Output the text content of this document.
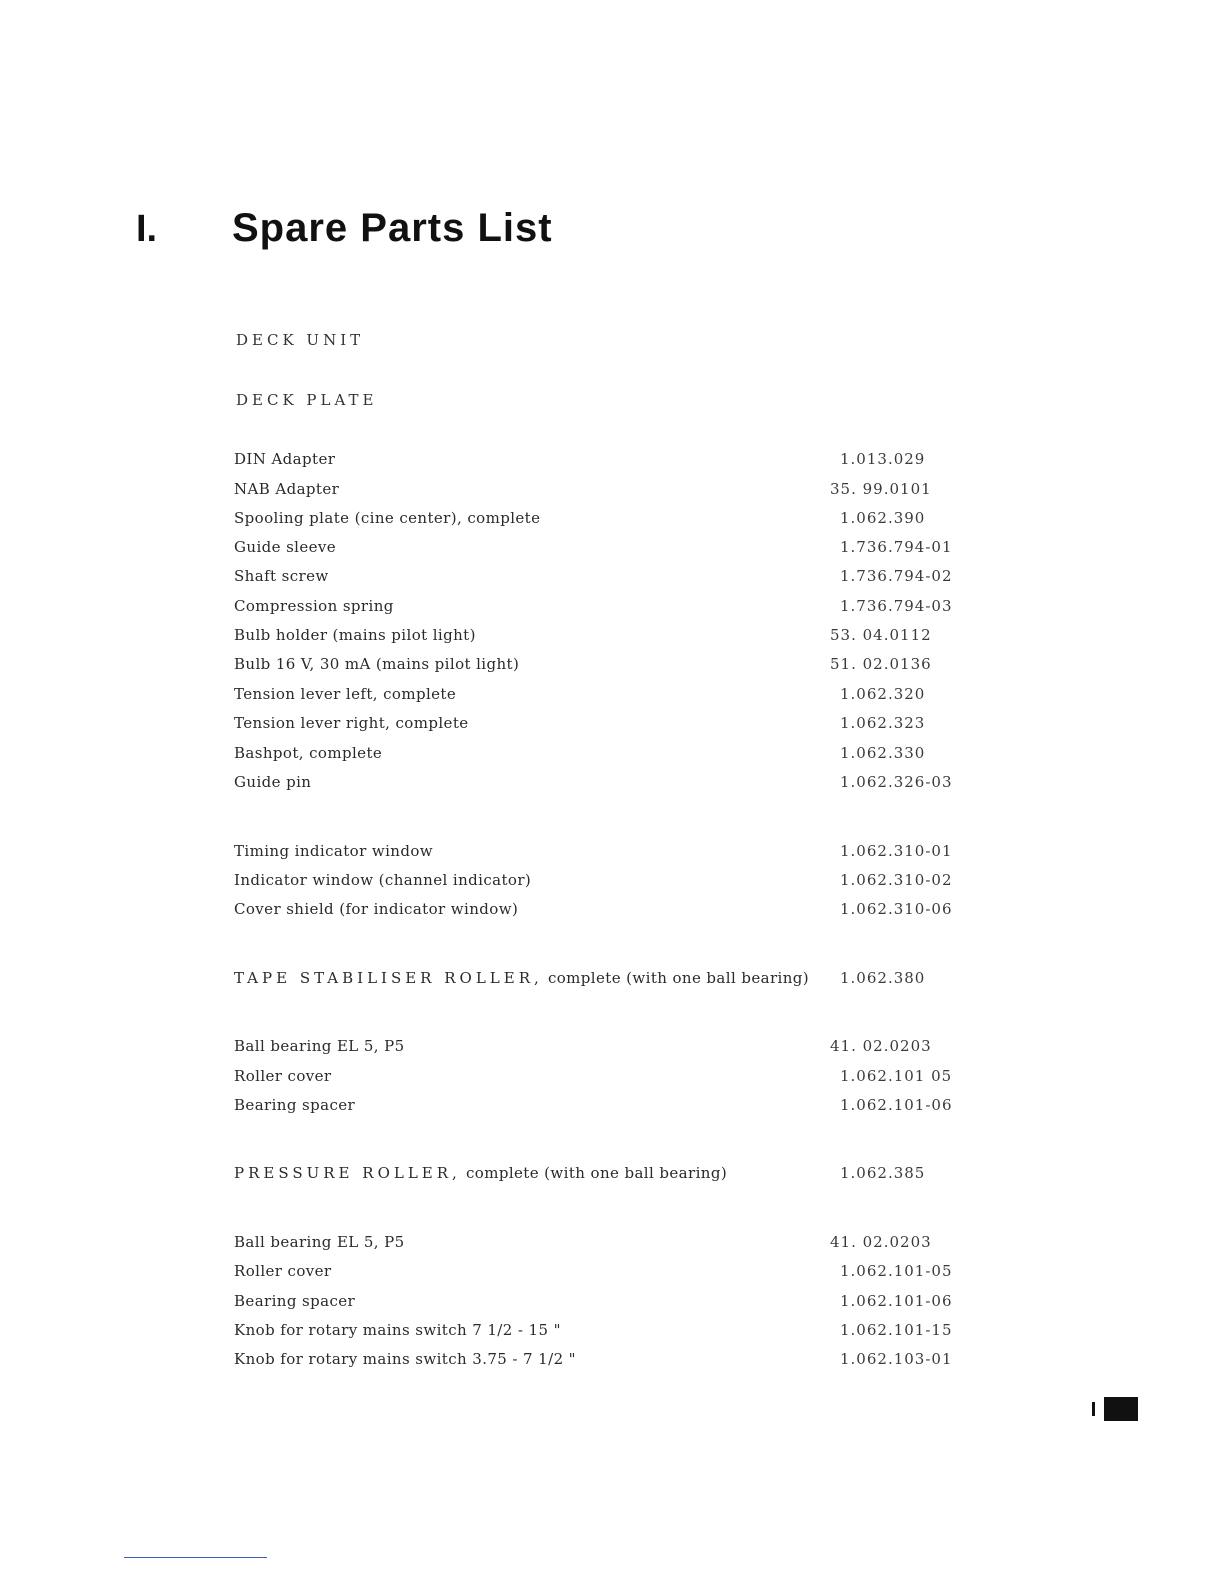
I. Spare Parts List
DECK UNIT
DECK PLATE
DIN Adapter	1.013.029
NAB Adapter	35. 99.0101
Spooling plate (cine center), complete	1.062.390
Guide sleeve	1.736.794-01
Shaft screw	1.736.794-02
Compression spring	1.736.794-03
Bulb holder (mains pilot light)	53. 04.0112
Bulb 16 V, 30 mA (mains pilot light)	51. 02.0136
Tension lever left, complete	1.062.320
Tension lever right, complete	1.062.323
Bashpot, complete	1.062.330
Guide pin	1.062.326-03
Timing indicator window	1.062.310-01
Indicator window (channel indicator)	1.062.310-02
Cover shield (for indicator window)	1.062.310-06
TAPE STABILISER ROLLER, complete (with one ball bearing) 1.062.380
Ball bearing EL 5, P5	41. 02.0203
Roller cover	1.062.101 05
Bearing spacer	1.062.101-06
PRESSURE ROLLER, complete (with one ball bearing)	1.062.385
Ball bearing EL 5, P5	41. 02.0203
Roller cover	1.062.101-05
Bearing spacer	1.062.101-06
Knob for rotary mains switch 7 1/2 - 15 "	1.062.101-15
Knob for rotary mains switch 3.75 - 7 1/2 "	1.062.103-01
